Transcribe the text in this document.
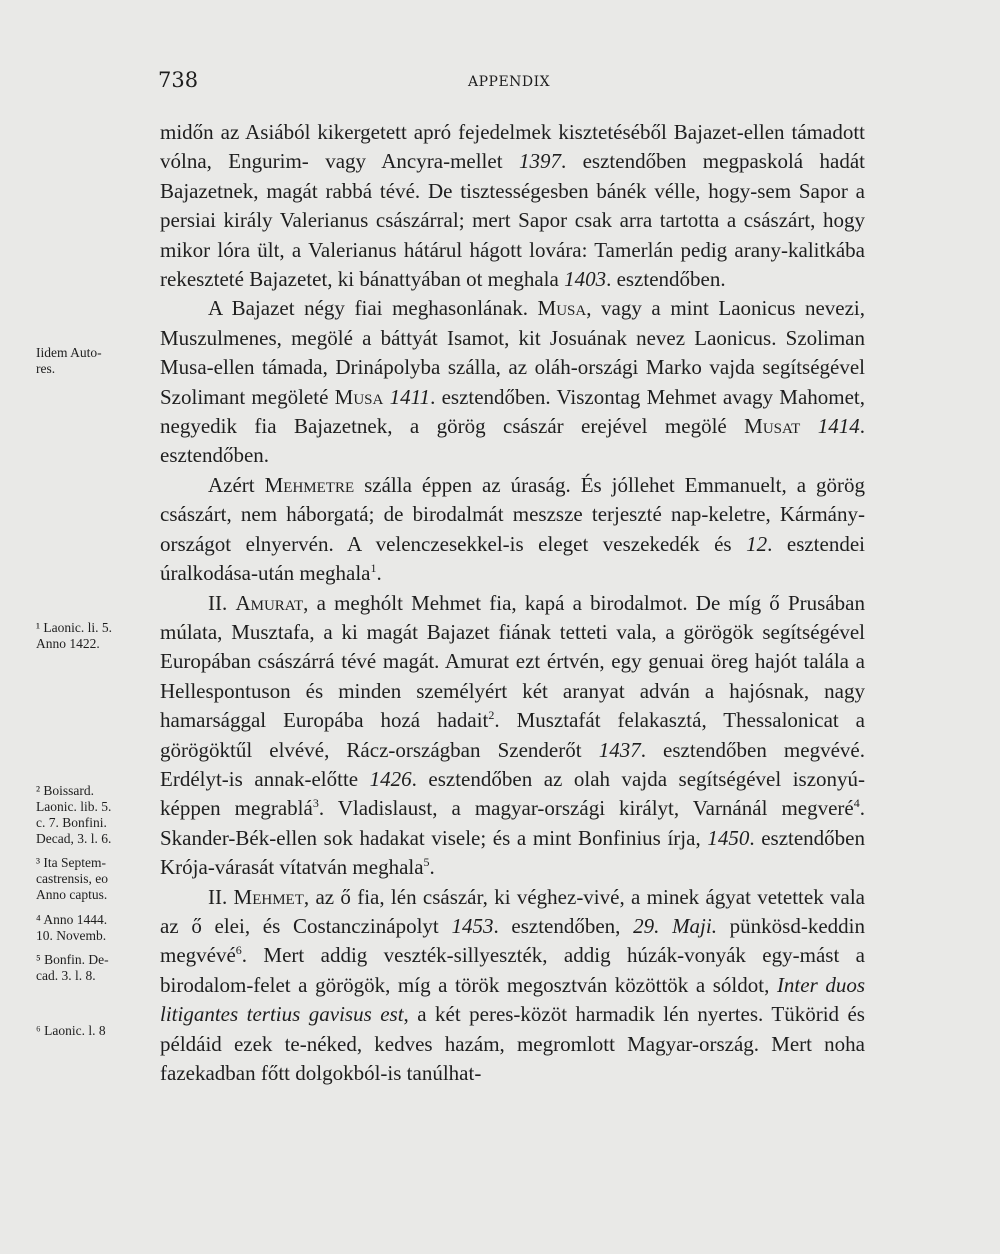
738	APPENDIX

midőn az Asiából kikergetett apró fejedelmek kisztetéséből Bajazet-ellen támadott vólna, Engurim- vagy Ancyra-mellet 1397. esztendőben megpaskolá hadát Bajazetnek, magát rabbá tévé. De tisztességesben bánék vélle, hogy-sem Sapor a persiai király Valerianus császárral; mert Sapor csak arra tartotta a császárt, hogy mikor lóra ült, a Valerianus hátárul hágott lovára: Tamerlán pedig arany-kalitkába rekeszteté Bajazetet, ki bánattyában ot meghala 1403. esztendőben.

A Bajazet négy fiai meghasonlának. Musa, vagy a mint Laonicus nevezi, Muszulmenes, megölé a báttyát Isamot, kit Josuának nevez Laonicus. Szoliman Musa-ellen támada, Drinápolyba szálla, az oláh-országi Marko vajda segítségével Szolimant megöleté Musa 1411. esztendőben. Viszontag Mehmet avagy Mahomet, negyedik fia Bajazetnek, a görög császár erejével megölé Musat 1414. esztendőben.

Azért Mehmetre szálla éppen az úraság. És jóllehet Emmanuelt, a görög császárt, nem háborgatá; de birodalmát meszsze terjeszté nap-keletre, Kármány-országot elnyervén. A velenczesekkel-is eleget veszekedék és 12. esztendei úralkodása-után meghala$^1$.

II. Amurat, a meghólt Mehmet fia, kapá a birodalmot. De míg ő Prusában múlata, Musztafa, a ki magát Bajazet fiának tetteti vala, a görögök segítségével Europában császárrá tévé magát. Amurat ezt értvén, egy genuai öreg hajót talála a Hellespontuson és minden személyért két aranyat adván a hajósnak, nagy hamarsággal Europába hozá hadait$^2$. Musztafát felakasztá, Thessalonicat a görögöktűl elvévé, Rácz-országban Szenderőt 1437. esztendőben megvévé. Erdélyt-is annak-előtte 1426. esztendőben az olah vajda segítségével iszonyú-képpen megrablá$^3$. Vladislaust, a magyar-országi királyt, Varnánál megveré$^4$. Skander-Bék-ellen sok hadakat visele; és a mint Bonfinius írja, 1450. esztendőben Krója-várasát vítatván meghala$^5$.

II. Mehmet, az ő fia, lén császár, ki véghez-vivé, a minek ágyat vetettek vala az ő elei, és Costanczinápolyt 1453. esztendőben, 29. Maji. pünkösd-keddin megvévé$^6$. Mert addig veszték-sillyeszték, addig húzák-vonyák egy-mást a birodalom-felet a görögök, míg a török megosztván közöttök a sóldot, Inter duos litigantes tertius gavisus est, a két peres-közöt harmadik lén nyertes. Tükörid és példáid ezek te-néked, kedves hazám, megromlott Magyar-ország. Mert noha fazekadban főtt dolgokból-is tanúlhat-

Iidem Auto-
res.
¹ Laonic. li. 5.
Anno 1422.
² Boissard.
Laonic. lib. 5.
c. 7. Bonfini.
Decad, 3. l. 6.
³ Ita Septem-
castrensis, eo
Anno captus.
⁴ Anno 1444.
10. Novemb.
⁵ Bonfin. De-
cad. 3. l. 8.
⁶ Laonic. l. 8
